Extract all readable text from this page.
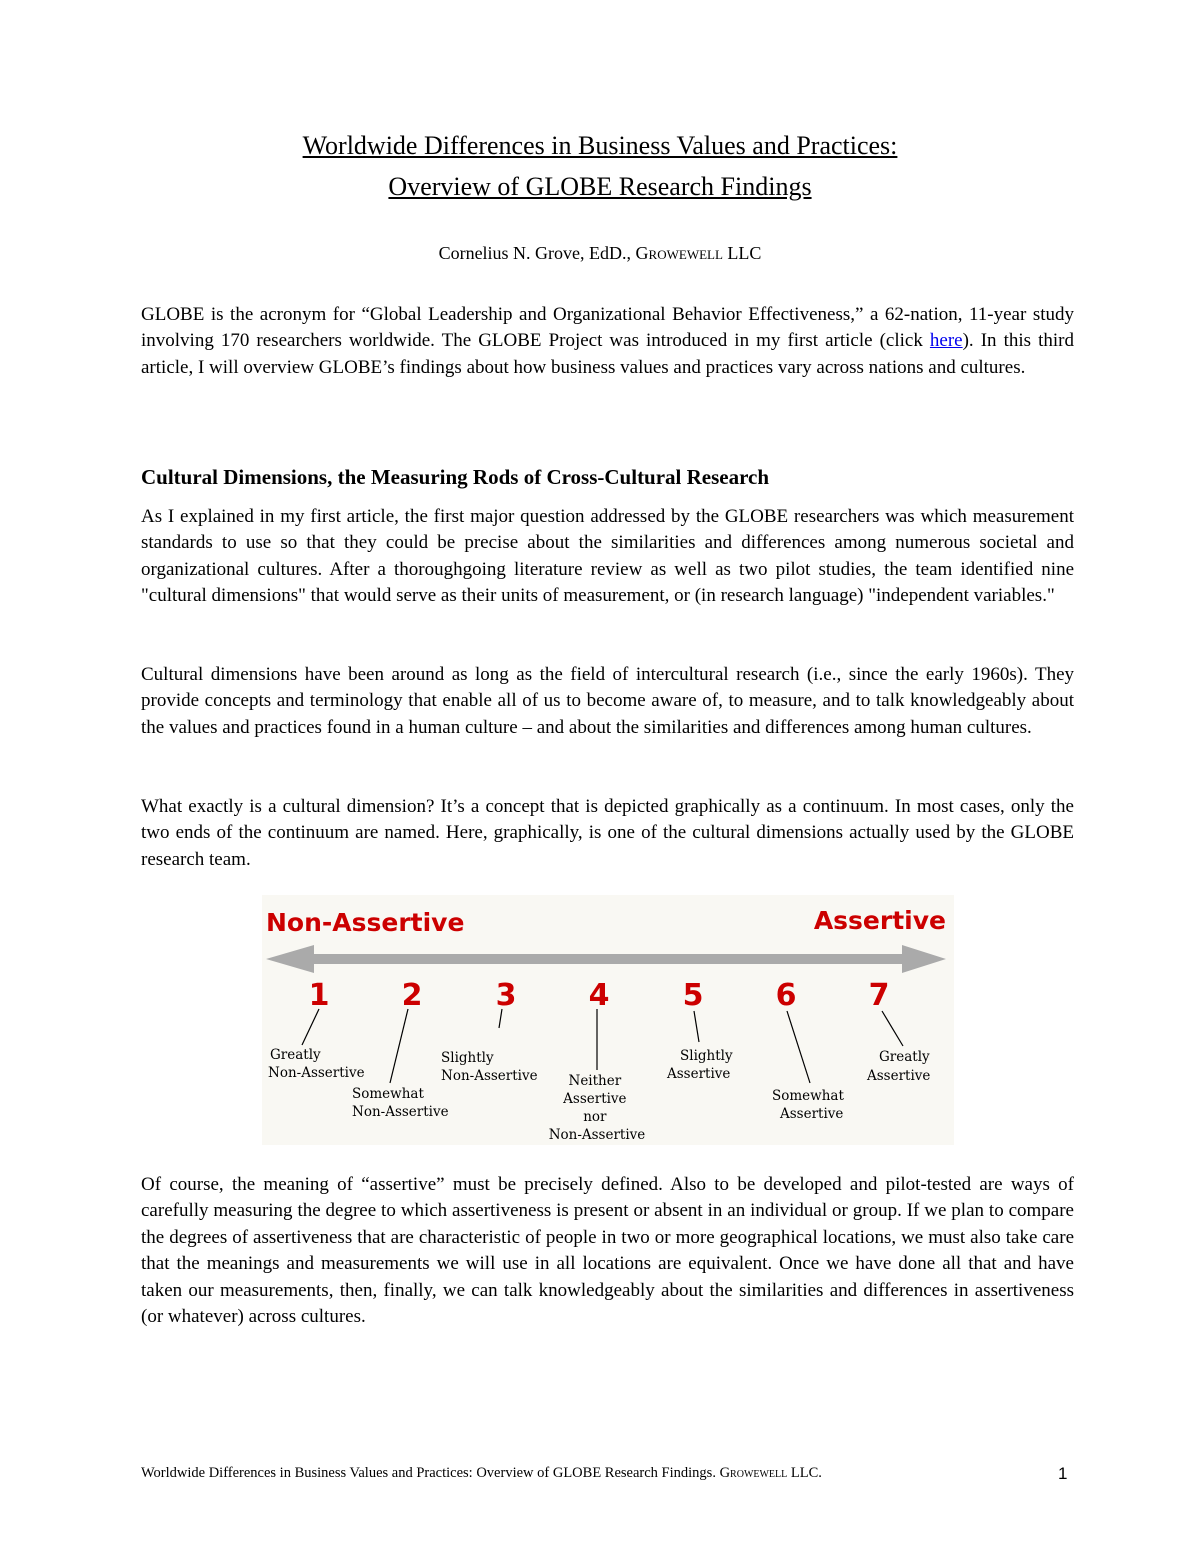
Worldwide Differences in Business Values and Practices:
Overview of GLOBE Research Findings

Cornelius N. Grove, EdD., Growewell LLC

GLOBE is the acronym for “Global Leadership and Organizational Behavior Effectiveness,” a 62-nation, 11-year study involving 170 researchers worldwide. The GLOBE Project was introduced in my first article (click here). In this third article, I will overview GLOBE’s findings about how business values and practices vary across nations and cultures.

Cultural Dimensions, the Measuring Rods of Cross-Cultural Research

As I explained in my first article, the first major question addressed by the GLOBE researchers was which measurement standards to use so that they could be precise about the similarities and differences among numerous societal and organizational cultures. After a thoroughgoing literature review as well as two pilot studies, the team identified nine "cultural dimensions" that would serve as their units of measurement, or (in research language) "independent variables."

Cultural dimensions have been around as long as the field of intercultural research (i.e., since the early 1960s). They provide concepts and terminology that enable all of us to become aware of, to measure, and to talk knowledgeably about the values and practices found in a human culture – and about the similarities and differences among human cultures.

What exactly is a cultural dimension? It’s a concept that is depicted graphically as a continuum. In most cases, only the two ends of the continuum are named. Here, graphically, is one of the cultural dimensions actually used by the GLOBE research team.

Non-Assertive	Assertive
1
Greatly Non-Assertive
2
Somewhat Non-Assertive
3
Slightly Non-Assertive
4
Neither Assertive nor Non-Assertive
5
Slightly Assertive
6
Somewhat Assertive
7
Greatly Assertive

Of course, the meaning of “assertive” must be precisely defined. Also to be developed and pilot-tested are ways of carefully measuring the degree to which assertiveness is present or absent in an individual or group. If we plan to compare the degrees of assertiveness that are characteristic of people in two or more geographical locations, we must also take care that the meanings and measurements we will use in all locations are equivalent. Once we have done all that and have taken our measurements, then, finally, we can talk knowledgeably about the similarities and differences in assertiveness (or whatever) across cultures.

Worldwide Differences in Business Values and Practices: Overview of GLOBE Research Findings. Growewell LLC.	1
